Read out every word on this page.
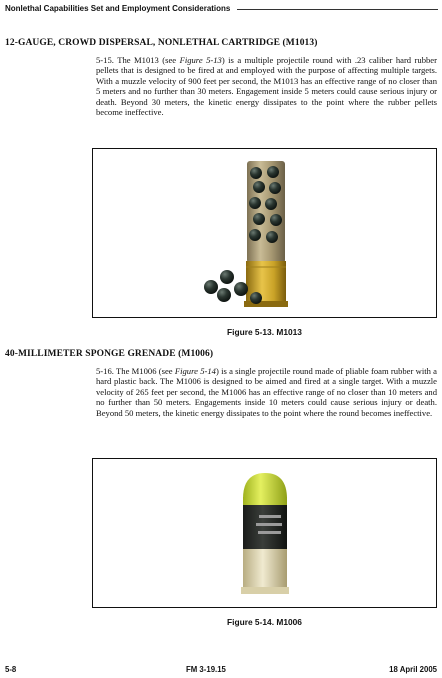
Nonlethal Capabilities Set and Employment Considerations
12-GAUGE, CROWD DISPERSAL, NONLETHAL CARTRIDGE (M1013)

5-15. The M1013 (see Figure 5-13) is a multiple projectile round with .23 caliber hard rubber pellets that is designed to be fired at and employed with the purpose of affecting multiple targets. With a muzzle velocity of 900 feet per second, the M1013 has an effective range of no closer than 5 meters and no further than 30 meters. Engagement inside 5 meters could cause serious injury or death. Beyond 30 meters, the kinetic energy dissipates to the point where the rubber pellets become ineffective.

Figure 5-13. M1013
40-MILLIMETER SPONGE GRENADE (M1006)

5-16. The M1006 (see Figure 5-14) is a single projectile round made of pliable foam rubber with a hard plastic back. The M1006 is designed to be aimed and fired at a single target. With a muzzle velocity of 265 feet per second, the M1006 has an effective range of no closer than 10 meters and no further than 50 meters. Engagements inside 10 meters could cause serious injury or death. Beyond 50 meters, the kinetic energy dissipates to the point where the round becomes ineffective.

Figure 5-14. M1006
5-8	FM 3-19.15	18 April 2005
